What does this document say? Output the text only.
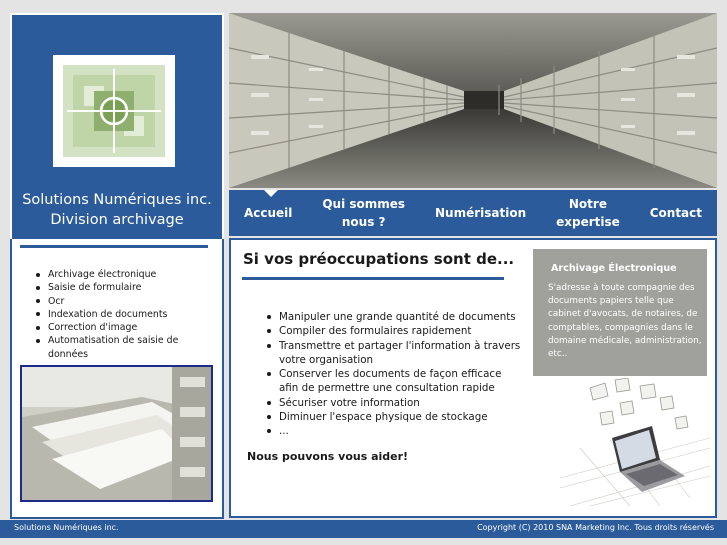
Solutions Numériques inc.
Division archivage
Archivage électronique
Saisie de formulaire
Ocr
Indexation de documents
Correction d'image
Automatisation de saisie de données
Accueil
Qui sommes
nous ?
Numérisation
Notre
expertise
Contact
Si vos préoccupations sont de...
Manipuler une grande quantité de documents
Compiler des formulaires rapidement
Transmettre et partager l'information à travers votre organisation
Conserver les documents de façon efficace afin de permettre une consultation rapide
Sécuriser votre information
Diminuer l'espace physique de stockage
...
Nous pouvons vous aider!
Archivage Électronique
S'adresse à toute compagnie des documents papiers telle que cabinet d'avocats, de notaires, de comptables, compagnies dans le domaine médicale, administration, etc..
Solutions Numériques inc.	Copyright (C) 2010 SNA Marketing Inc. Tous droits réservés
